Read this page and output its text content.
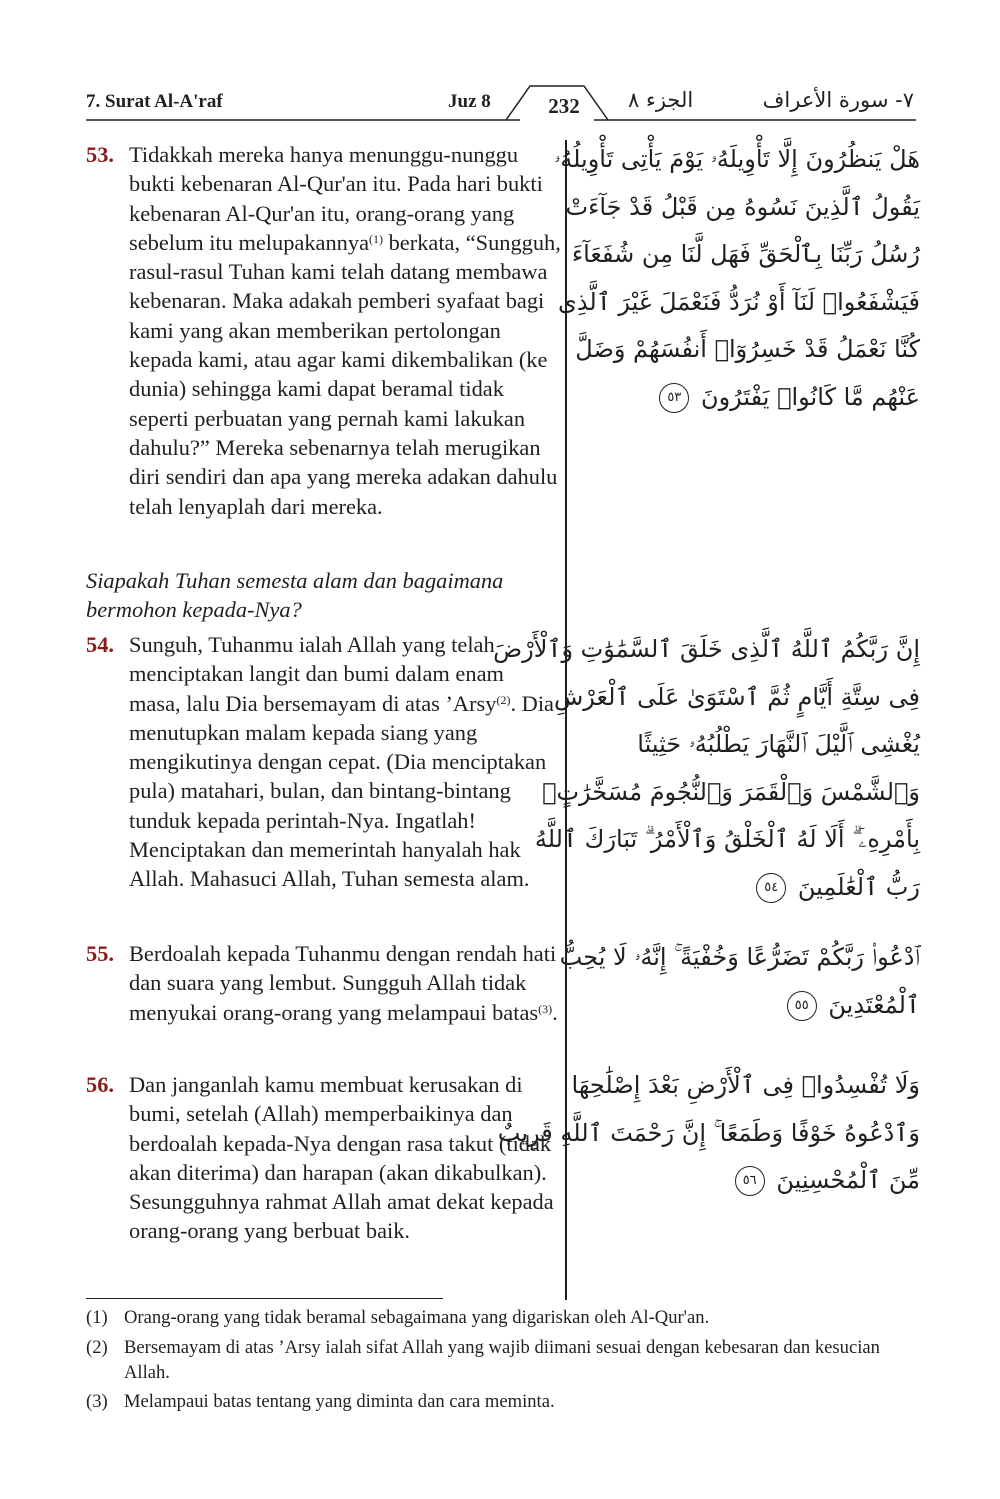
7. Surat Al-A'raf	Juz 8	232	الجزء ٨	٧- سورة الأعراف
53. Tidakkah mereka hanya menunggu-nunggu bukti kebenaran Al-Qur'an itu. Pada hari bukti kebenaran Al-Qur'an itu, orang-orang yang sebelum itu melupakannya$^{(1)}$ berkata, “Sungguh, rasul-rasul Tuhan kami telah datang membawa kebenaran. Maka adakah pemberi syafaat bagi kami yang akan memberikan pertolongan kepada kami, atau agar kami dikembalikan (ke dunia) sehingga kami dapat beramal tidak seperti perbuatan yang pernah kami lakukan dahulu?” Mereka sebenarnya telah merugikan diri sendiri dan apa yang mereka adakan dahulu telah lenyaplah dari mereka.
Siapakah Tuhan semesta alam dan bagaimana bermohon kepada-Nya?
54. Sunguh, Tuhanmu ialah Allah yang telah menciptakan langit dan bumi dalam enam masa, lalu Dia bersemayam di atas ’Arsy$^{(2)}$. Dia menutupkan malam kepada siang yang mengikutinya dengan cepat. (Dia menciptakan pula) matahari, bulan, dan bintang-bintang tunduk kepada perintah-Nya. Ingatlah! Menciptakan dan memerintah hanyalah hak Allah. Mahasuci Allah, Tuhan semesta alam.
55. Berdoalah kepada Tuhanmu dengan rendah hati dan suara yang lembut. Sungguh Allah tidak menyukai orang-orang yang melampaui batas$^{(3)}$.
56. Dan janganlah kamu membuat kerusakan di bumi, setelah (Allah) memperbaikinya dan berdoalah kepada-Nya dengan rasa takut (tidak akan diterima) dan harapan (akan dikabulkan). Sesungguhnya rahmat Allah amat dekat kepada orang-orang yang berbuat baik.
هَلْ يَنظُرُونَ إِلَّا تَأْوِيلَهُۥ يَوْمَ يَأْتِى تَأْوِيلُهُۥ
يَقُولُ ٱلَّذِينَ نَسُوهُ مِن قَبْلُ قَدْ جَآءَتْ
رُسُلُ رَبِّنَا بِٱلْحَقِّ فَهَل لَّنَا مِن شُفَعَآءَ
فَيَشْفَعُوا۟ لَنَآ أَوْ نُرَدُّ فَنَعْمَلَ غَيْرَ ٱلَّذِى
كُنَّا نَعْمَلُ قَدْ خَسِرُوٓا۟ أَنفُسَهُمْ وَضَلَّ
عَنْهُم مَّا كَانُوا۟ يَفْتَرُونَ ٥٣
إِنَّ رَبَّكُمُ ٱللَّهُ ٱلَّذِى خَلَقَ ٱلسَّمَٰوَٰتِ وَٱلْأَرْضَ
فِى سِتَّةِ أَيَّامٍ ثُمَّ ٱسْتَوَىٰ عَلَى ٱلْعَرْشِ
يُغْشِى ٱلَّيْلَ ٱلنَّهَارَ يَطْلُبُهُۥ حَثِيثًا
وَٱلشَّمْسَ وَٱلْقَمَرَ وَٱلنُّجُومَ مُسَخَّرَٰتٍۭ
بِأَمْرِهِۦٓ ۗ أَلَا لَهُ ٱلْخَلْقُ وَٱلْأَمْرُ ۗ تَبَارَكَ ٱللَّهُ
رَبُّ ٱلْعَٰلَمِينَ ٥٤
ٱدْعُوا۟ رَبَّكُمْ تَضَرُّعًا وَخُفْيَةً ۚ إِنَّهُۥ لَا يُحِبُّ
ٱلْمُعْتَدِينَ ٥٥
وَلَا تُفْسِدُوا۟ فِى ٱلْأَرْضِ بَعْدَ إِصْلَٰحِهَا
وَٱدْعُوهُ خَوْفًا وَطَمَعًا ۚ إِنَّ رَحْمَتَ ٱللَّهِ قَرِيبٌ
مِّنَ ٱلْمُحْسِنِينَ ٥٦
(1) Orang-orang yang tidak beramal sebagaimana yang digariskan oleh Al-Qur'an.
(2) Bersemayam di atas ’Arsy ialah sifat Allah yang wajib diimani sesuai dengan kebesaran dan kesucian Allah.
(3) Melampaui batas tentang yang diminta dan cara meminta.
